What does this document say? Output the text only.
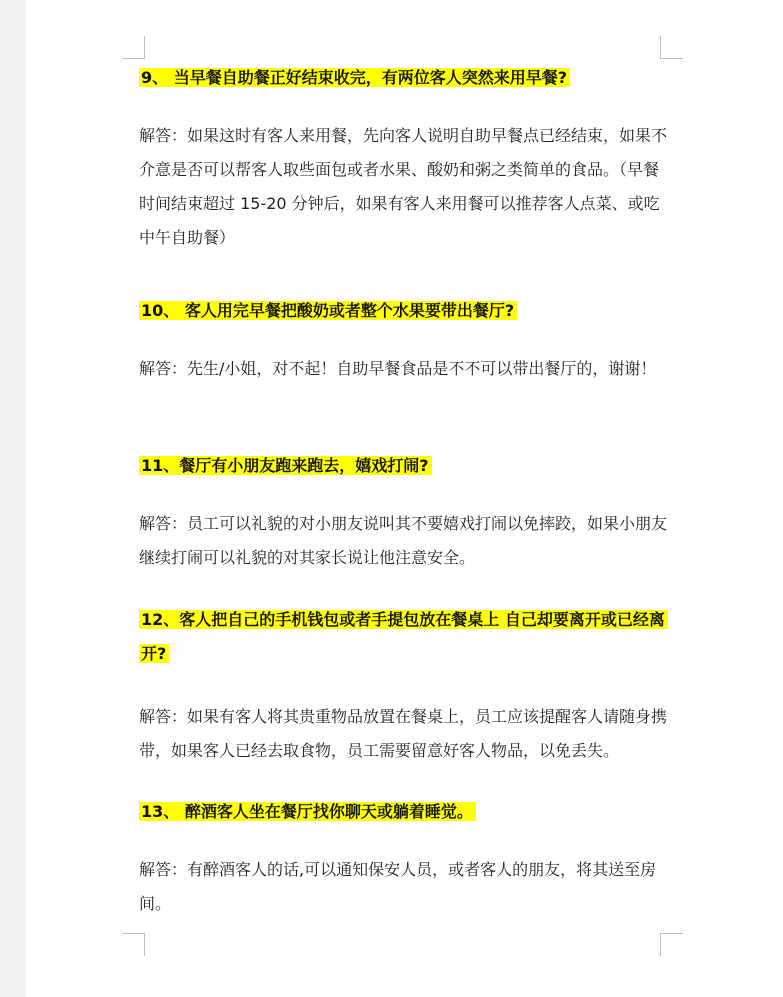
9、 当早餐自助餐正好结束收完，有两位客人突然来用早餐?
解答：如果这时有客人来用餐，先向客人说明自助早餐点已经结束，如果不介意是否可以帮客人取些面包或者水果、酸奶和粥之类简单的食品。（早餐时间结束超过 15-20 分钟后，如果有客人来用餐可以推荐客人点菜、或吃中午自助餐）
10、 客人用完早餐把酸奶或者整个水果要带出餐厅?
解答：先生/小姐，对不起！自助早餐食品是不不可以带出餐厅的，谢谢！
11、餐厅有小朋友跑来跑去，嬉戏打闹?
解答：员工可以礼貌的对小朋友说叫其不要嬉戏打闹以免摔跤，如果小朋友继续打闹可以礼貌的对其家长说让他注意安全。
12、客人把自己的手机钱包或者手提包放在餐桌上 自己却要离开或已经离开?
解答：如果有客人将其贵重物品放置在餐桌上，员工应该提醒客人请随身携带，如果客人已经去取食物，员工需要留意好客人物品，以免丢失。
13、 醉酒客人坐在餐厅找你聊天或躺着睡觉。
解答：有醉酒客人的话,可以通知保安人员，或者客人的朋友，将其送至房间。
